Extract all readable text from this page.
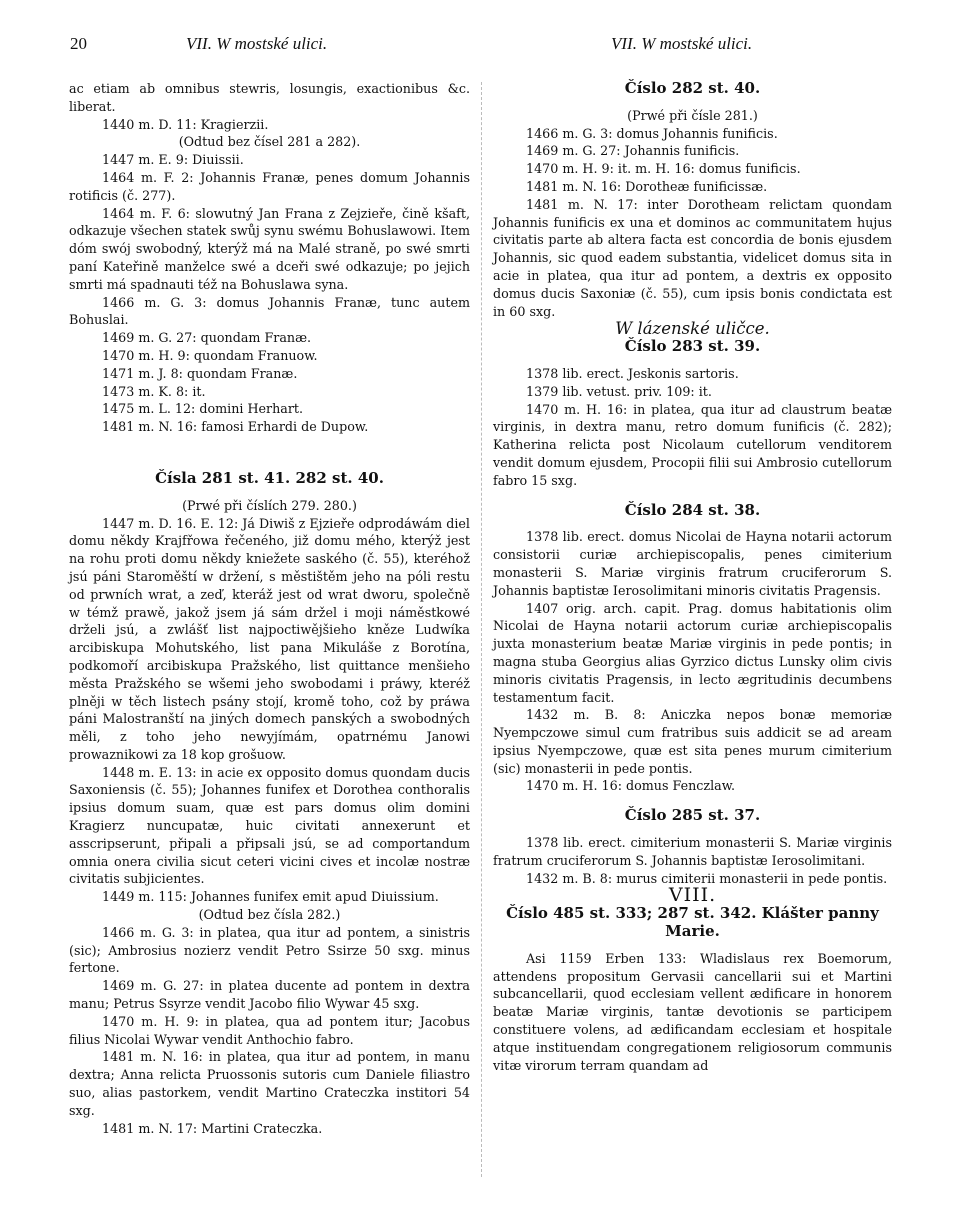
20	VII. W mostské ulici.	VII. W mostské ulici.

ac etiam ab omnibus stewris, losungis, exactionibus &c. liberat.

1440 m. D. 11: Kragierzii.

(Odtud bez čísel 281 a 282).

1447 m. E. 9: Diuissii.

1464 m. F. 2: Johannis Franæ, penes domum Johannis rotificis (č. 277).

1464 m. F. 6: slowutný Jan Frana z Zejzieře, čině kšaft, odkazuje všechen statek swůj synu swému Bohuslawowi. Item dóm swój swobodný, kterýž má na Malé straně, po swé smrti paní Kateřině manželce swé a dceři swé odkazuje; po jejich smrti má spadnauti též na Bohuslawa syna.

1466 m. G. 3: domus Johannis Franæ, tunc autem Bohuslai.

1469 m. G. 27: quondam Franæ.

1470 m. H. 9: quondam Franuow.

1471 m. J. 8: quondam Franæ.

1473 m. K. 8: it.

1475 m. L. 12: domini Herhart.

1481 m. N. 16: famosi Erhardi de Dupow.

Čísla 281 st. 41. 282 st. 40.

(Prwé při číslích 279. 280.)

1447 m. D. 16. E. 12: Já Diwiš z Ejzieře odprodáwám diel domu někdy Krajfřowa řečeného, již domu mého, kterýž jest na rohu proti domu někdy kniežete saského (č. 55), kteréhož jsú páni Staroměští w držení, s městištěm jeho na póli restu od prwních wrat, a zeď, kteráž jest od wrat dworu, společně w témž prawě, jakož jsem já sám držel i moji náměstkowé drželi jsú, a zwlášť list najpoctiwějšieho kněze Ludwíka arcibiskupa Mohutského, list pana Mikuláše z Borotína, podkomoří arcibiskupa Pražského, list quittance menšieho města Pražského se wšemi jeho swobodami i práwy, kteréž plněji w těch listech psány stojí, kromě toho, což by práwa páni Malostranští na jiných domech panských a swobodných měli, z toho jeho newyjímám, opatrnému Janowi prowaznikowi za 18 kop grošuow.

1448 m. E. 13: in acie ex opposito domus quondam ducis Saxoniensis (č. 55); Johannes funifex et Dorothea conthoralis ipsius domum suam, quæ est pars domus olim domini Kragierz nuncupatæ, huic civitati annexerunt et asscripserunt, připali a připsali jsú, se ad comportandum omnia onera civilia sicut ceteri vicini cives et incolæ nostræ civitatis subjicientes.

1449 m. 115: Johannes funifex emit apud Diuissium.

(Odtud bez čísla 282.)

1466 m. G. 3: in platea, qua itur ad pontem, a sinistris (sic); Ambrosius nozierz vendit Petro Ssirze 50 sxg. minus fertone.

1469 m. G. 27: in platea ducente ad pontem in dextra manu; Petrus Ssyrze vendit Jacobo filio Wywar 45 sxg.

1470 m. H. 9: in platea, qua ad pontem itur; Jacobus filius Nicolai Wywar vendit Anthochio fabro.

1481 m. N. 16: in platea, qua itur ad pontem, in manu dextra; Anna relicta Pruossonis sutoris cum Daniele filiastro suo, alias pastorkem, vendit Martino Crateczka institori 54 sxg.

1481 m. N. 17: Martini Crateczka.

Číslo 282 st. 40.

(Prwé při čísle 281.)

1466 m. G. 3: domus Johannis funificis.

1469 m. G. 27: Johannis funificis.

1470 m. H. 9: it. m. H. 16: domus funificis.

1481 m. N. 16: Dorotheæ funificissæ.

1481 m. N. 17: inter Dorotheam relictam quondam Johannis funificis ex una et dominos ac communitatem hujus civitatis parte ab altera facta est concordia de bonis ejusdem Johannis, sic quod eadem substantia, videlicet domus sita in acie in platea, qua itur ad pontem, a dextris ex opposito domus ducis Saxoniæ (č. 55), cum ipsis bonis condictata est in 60 sxg.

W lázenské uličce.

Číslo 283 st. 39.

1378 lib. erect. Jeskonis sartoris.

1379 lib. vetust. priv. 109: it.

1470 m. H. 16: in platea, qua itur ad claustrum beatæ virginis, in dextra manu, retro domum funificis (č. 282); Katherina relicta post Nicolaum cutellorum venditorem vendit domum ejusdem, Procopii filii sui Ambrosio cutellorum fabro 15 sxg.

Číslo 284 st. 38.

1378 lib. erect. domus Nicolai de Hayna notarii actorum consistorii curiæ archiepiscopalis, penes cimiterium monasterii S. Mariæ virginis fratrum cruciferorum S. Johannis baptistæ Ierosolimitani minoris civitatis Pragensis.

1407 orig. arch. capit. Prag. domus habitationis olim Nicolai de Hayna notarii actorum curiæ archiepiscopalis juxta monasterium beatæ Mariæ virginis in pede pontis; in magna stuba Georgius alias Gyrzico dictus Lunsky olim civis minoris civitatis Pragensis, in lecto ægritudinis decumbens testamentum facit.

1432 m. B. 8: Aniczka nepos bonæ memoriæ Nyempczowe simul cum fratribus suis addicit se ad aream ipsius Nyempczowe, quæ est sita penes murum cimiterium (sic) monasterii in pede pontis.

1470 m. H. 16: domus Fenczlaw.

Číslo 285 st. 37.

1378 lib. erect. cimiterium monasterii S. Mariæ virginis fratrum cruciferorum S. Johannis baptistæ Ierosolimitani.

1432 m. B. 8: murus cimiterii monasterii in pede pontis.

VIII.

Číslo 485 st. 333; 287 st. 342. Klášter panny Marie.

Asi 1159 Erben 133: Wladislaus rex Boemorum, attendens propositum Gervasii cancellarii sui et Martini subcancellarii, quod ecclesiam vellent ædificare in honorem beatæ Mariæ virginis, tantæ devotionis se participem constituere volens, ad ædificandam ecclesiam et hospitale atque instituendam congregationem religiosorum communis vitæ virorum terram quandam ad
